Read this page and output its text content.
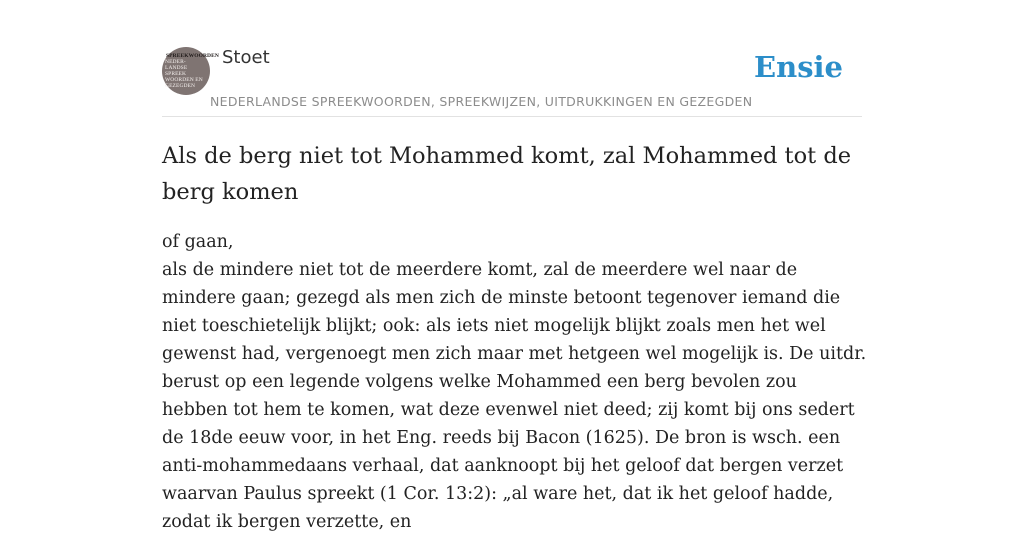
SPREEKWOORDEN
NEDER-
LANDSE
SPREEK
WOORDEN EN
GEZEGDEN
Stoet
NEDERLANDSE SPREEKWOORDEN, SPREEKWIJZEN, UITDRUKKINGEN EN GEZEGDEN
Ensie
Als de berg niet tot Mohammed komt, zal Mohammed tot de berg komen

of gaan,

als de mindere niet tot de meerdere komt, zal de meerdere wel naar de mindere gaan; gezegd als men zich de minste betoont tegenover iemand die niet toeschietelijk blijkt; ook: als iets niet mogelijk blijkt zoals men het wel gewenst had, vergenoegt men zich maar met hetgeen wel mogelijk is. De uitdr. berust op een legende volgens welke Mohammed een berg bevolen zou hebben tot hem te komen, wat deze evenwel niet deed; zij komt bij ons sedert de 18de eeuw voor, in het Eng. reeds bij Bacon (1625). De bron is wsch. een anti-mohammedaans verhaal, dat aanknoopt bij het geloof dat bergen verzet waarvan Paulus spreekt (1 Cor. 13:2): „al ware het, dat ik het geloof hadde, zodat ik bergen verzette, en
